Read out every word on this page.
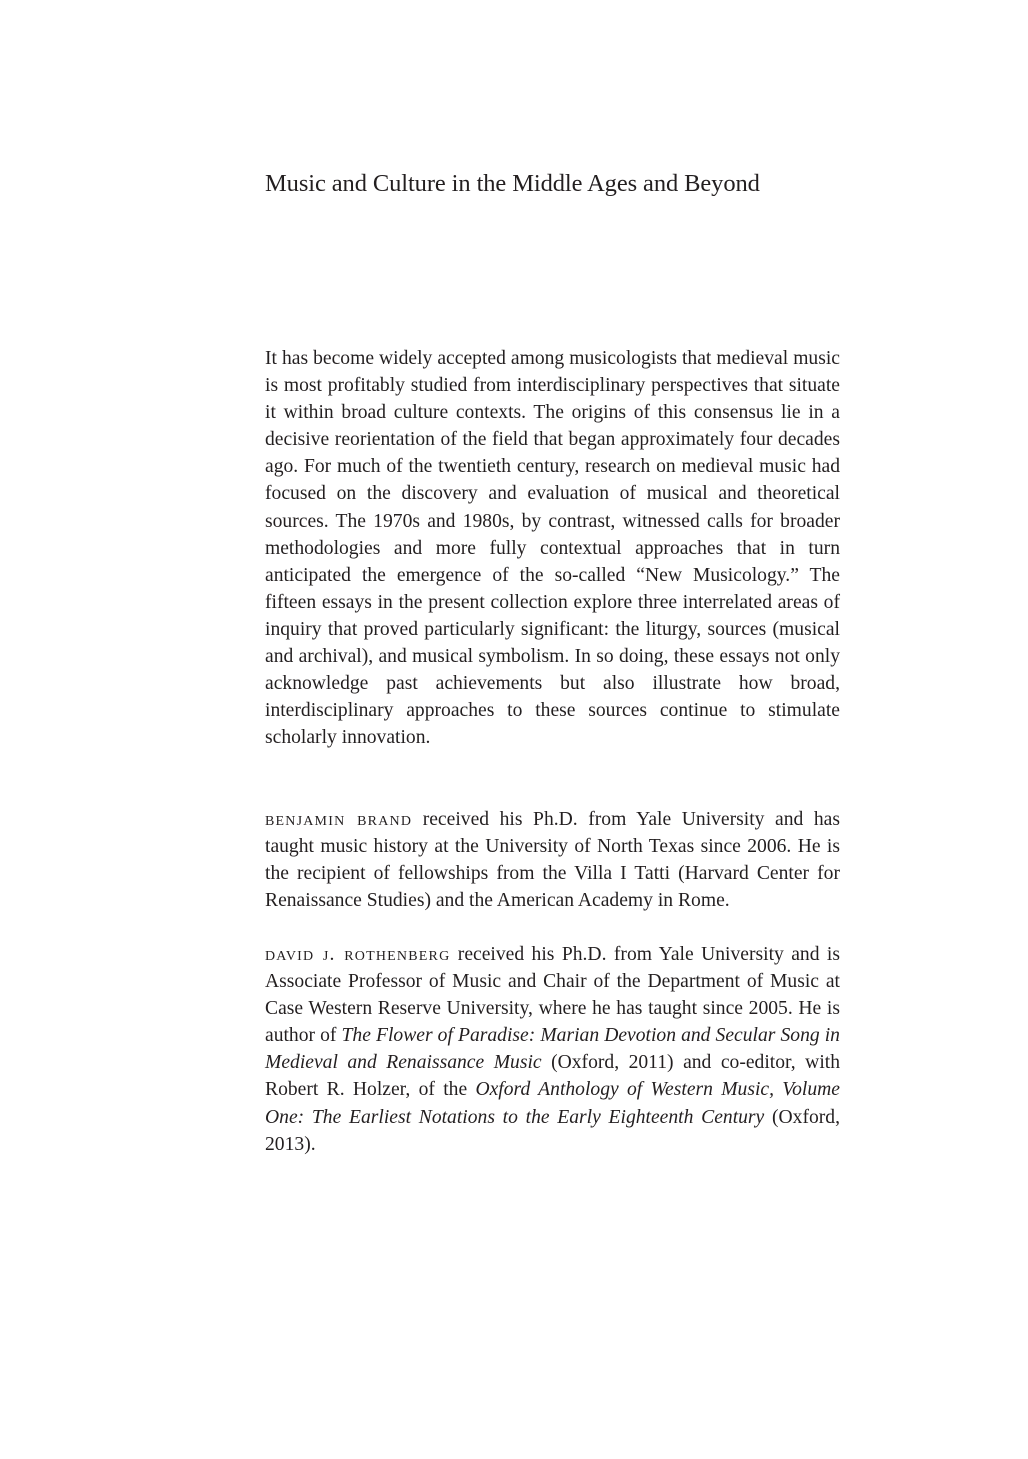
Music and Culture in the Middle Ages and Beyond

It has become widely accepted among musicologists that medieval music is most profitably studied from interdisciplinary perspectives that situate it within broad culture contexts. The origins of this consensus lie in a decisive reorientation of the field that began approximately four decades ago. For much of the twentieth century, research on medieval music had focused on the discovery and evaluation of musical and theoretical sources. The 1970s and 1980s, by contrast, witnessed calls for broader methodologies and more fully contextual approaches that in turn anticipated the emergence of the so-called “New Musicology.” The fifteen essays in the present collection explore three interrelated areas of inquiry that proved particularly significant: the liturgy, sources (musical and archival), and musical symbolism. In so doing, these essays not only acknowledge past achievements but also illustrate how broad, interdisciplinary approaches to these sources continue to stimulate scholarly innovation.

benjamin brand received his Ph.D. from Yale University and has taught music history at the University of North Texas since 2006. He is the recipient of fellowships from the Villa I Tatti (Harvard Center for Renaissance Studies) and the American Academy in Rome.

david j. rothenberg received his Ph.D. from Yale University and is Associate Professor of Music and Chair of the Department of Music at Case Western Reserve University, where he has taught since 2005. He is author of The Flower of Paradise: Marian Devotion and Secular Song in Medieval and Renaissance Music (Oxford, 2011) and co-editor, with Robert R. Holzer, of the Oxford Anthology of Western Music, Volume One: The Earliest Notations to the Early Eighteenth Century (Oxford, 2013).
